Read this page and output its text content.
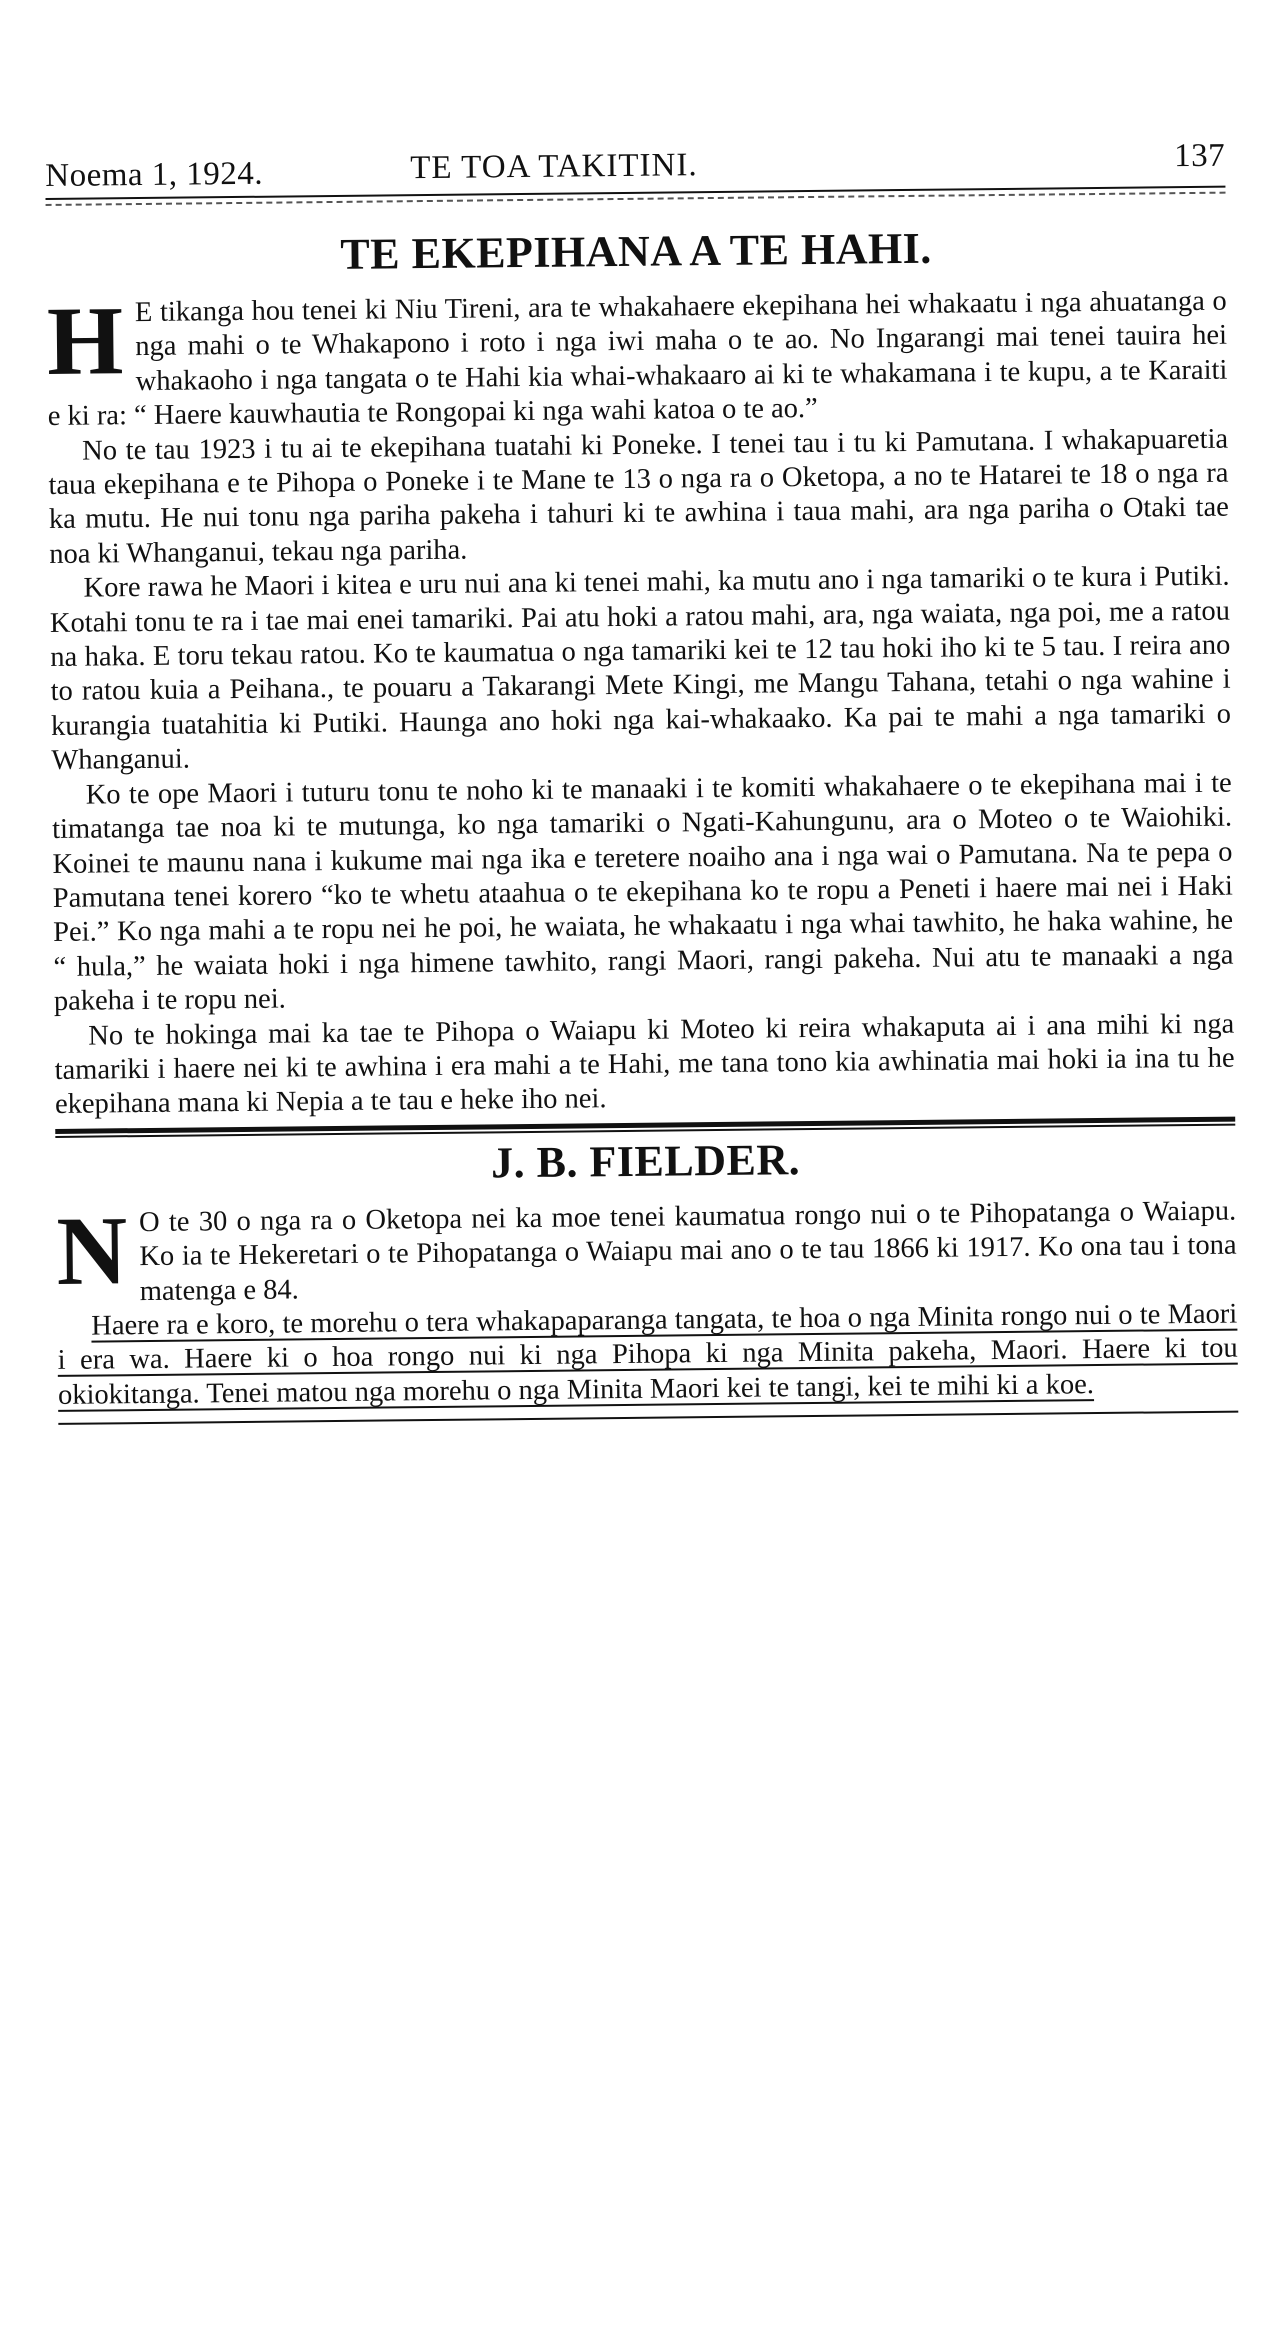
Noema 1, 1924.	TE TOA TAKITINI.	137
TE EKEPIHANA A TE HAHI.

H E tikanga hou tenei ki Niu Tireni, ara te whakahaere ekepihana hei whakaatu i nga ahuatanga o nga mahi o te Whakapono i roto i nga iwi maha o te ao. No Ingarangi mai tenei tauira hei whakaoho i nga tangata o te Hahi kia whai-whakaaro ai ki te whakamana i te kupu, a te Karaiti e ki ra: “ Haere kauwhautia te Rongopai ki nga wahi katoa o te ao.”

No te tau 1923 i tu ai te ekepihana tuatahi ki Poneke. I tenei tau i tu ki Pamutana. I whakapuaretia taua ekepihana e te Pihopa o Poneke i te Mane te 13 o nga ra o Oketopa, a no te Hatarei te 18 o nga ra ka mutu. He nui tonu nga pariha pakeha i tahuri ki te awhina i taua mahi, ara nga pariha o Otaki tae noa ki Whanganui, tekau nga pariha.

Kore rawa he Maori i kitea e uru nui ana ki tenei mahi, ka mutu ano i nga tamariki o te kura i Putiki. Kotahi tonu te ra i tae mai enei tamariki. Pai atu hoki a ratou mahi, ara, nga waiata, nga poi, me a ratou na haka. E toru tekau ratou. Ko te kaumatua o nga tamariki kei te 12 tau hoki iho ki te 5 tau. I reira ano to ratou kuia a Peihana., te pouaru a Takarangi Mete Kingi, me Mangu Tahana, tetahi o nga wahine i kurangia tuatahitia ki Putiki. Haunga ano hoki nga kai-whakaako. Ka pai te mahi a nga tamariki o Whanganui.

Ko te ope Maori i tuturu tonu te noho ki te manaaki i te komiti whakahaere o te ekepihana mai i te timatanga tae noa ki te mutunga, ko nga tamariki o Ngati-Kahungunu, ara o Moteo o te Waiohiki. Koinei te maunu nana i kukume mai nga ika e teretere noaiho ana i nga wai o Pamutana. Na te pepa o Pamutana tenei korero “ko te whetu ataahua o te ekepihana ko te ropu a Peneti i haere mai nei i Haki Pei.” Ko nga mahi a te ropu nei he poi, he waiata, he whakaatu i nga whai tawhito, he haka wahine, he “ hula,” he waiata hoki i nga himene tawhito, rangi Maori, rangi pakeha. Nui atu te manaaki a nga pakeha i te ropu nei.

No te hokinga mai ka tae te Pihopa o Waiapu ki Moteo ki reira whakaputa ai i ana mihi ki nga tamariki i haere nei ki te awhina i era mahi a te Hahi, me tana tono kia awhinatia mai hoki ia ina tu he ekepihana mana ki Nepia a te tau e heke iho nei.

J. B. FIELDER.

N O te 30 o nga ra o Oketopa nei ka moe tenei kaumatua rongo nui o te Pihopatanga o Waiapu. Ko ia te Hekeretari o te Pihopatanga o Waiapu mai ano o te tau 1866 ki 1917. Ko ona tau i tona matenga e 84.

Haere ra e koro, te morehu o tera whakapaparanga tangata, te hoa o nga Minita rongo nui o te Maori i era wa. Haere ki o hoa rongo nui ki nga Pihopa ki nga Minita pakeha, Maori. Haere ki tou okiokitanga. Tenei matou nga morehu o nga Minita Maori kei te tangi, kei te mihi ki a koe.
